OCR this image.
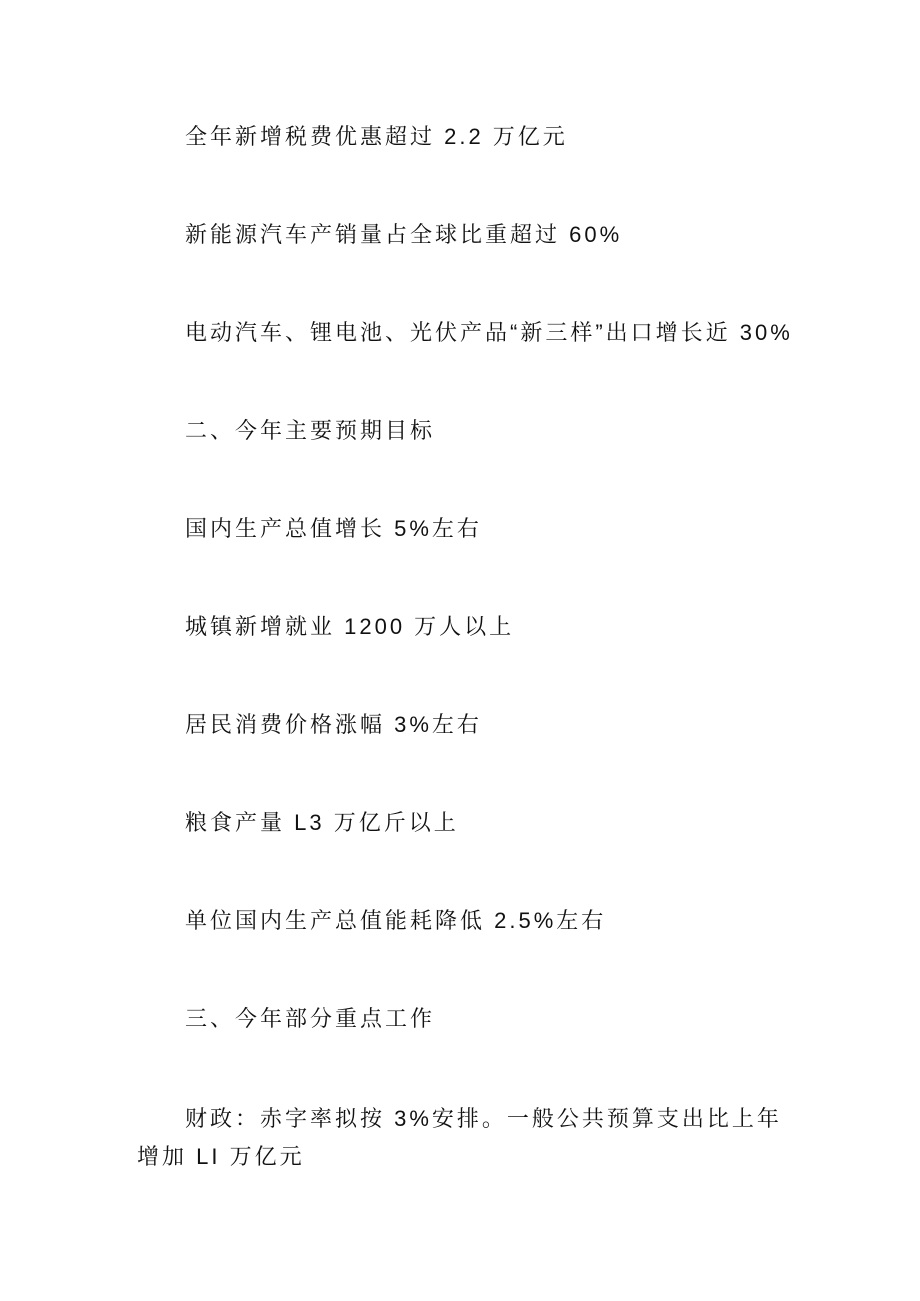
全年新增税费优惠超过 2.2 万亿元
新能源汽车产销量占全球比重超过 60%
电动汽车、锂电池、光伏产品“新三样”出口增长近 30%
二、今年主要预期目标
国内生产总值增长 5%左右
城镇新增就业 1200 万人以上
居民消费价格涨幅 3%左右
粮食产量 L3 万亿斤以上
单位国内生产总值能耗降低 2.5%左右
三、今年部分重点工作
财政：赤字率拟按 3%安排。一般公共预算支出比上年增加 LI 万亿元
